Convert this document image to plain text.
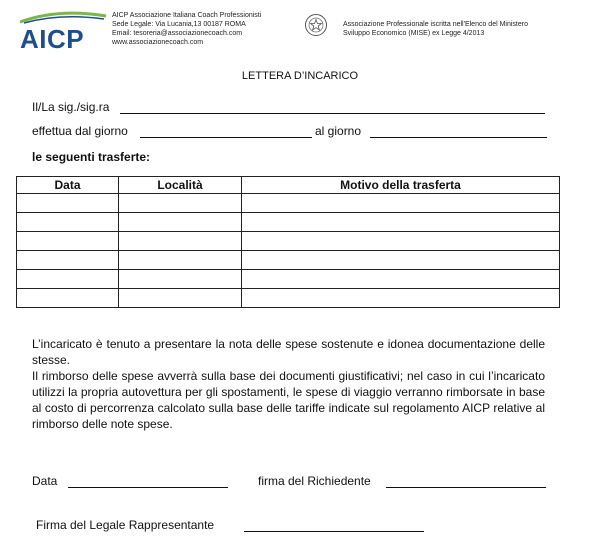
AICP
AICP Associazione Italiana Coach Professionisti
Sede Legale: Via Lucania,13 00187 ROMA
Email: tesoreria@associazionecoach.com
www.associazionecoach.com
Associazione Professionale iscritta nell'Elenco del Ministero
Sviluppo Economico (MISE) ex Legge 4/2013
LETTERA D’INCARICO
Il/La sig./sig.ra
effettua dal giorno	al giorno
le seguenti trasferte:
Data	Località	Motivo della trasferta

L’incaricato è tenuto a presentare la nota delle spese sostenute e idonea documentazione delle stesse.

Il rimborso delle spese avverrà sulla base dei documenti giustificativi; nel caso in cui l’incaricato utilizzi la propria autovettura per gli spostamenti, le spese di viaggio verranno rimborsate in base al costo di percorrenza calcolato sulla base delle tariffe indicate sul regolamento AICP relative al rimborso delle note spese.

Data	firma del Richiedente
Firma del Legale Rappresentante
